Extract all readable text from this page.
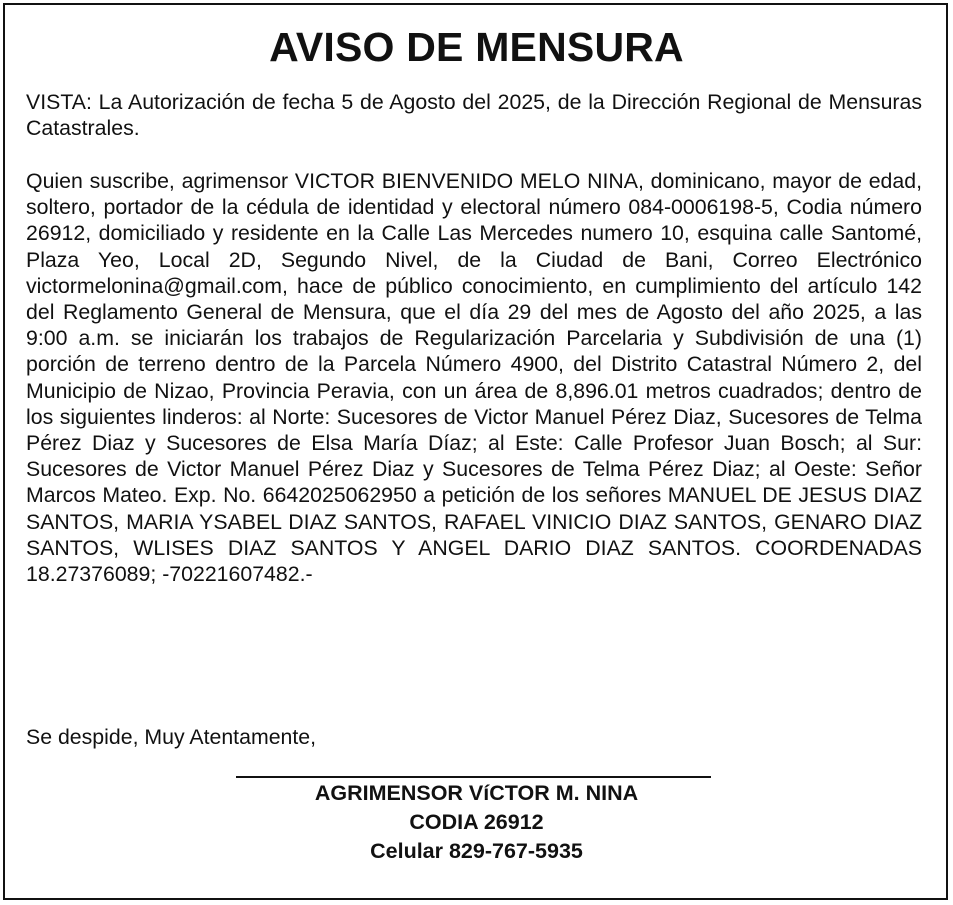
AVISO DE MENSURA

VISTA: La Autorización de fecha 5 de Agosto del 2025, de la Dirección Regional de Mensuras Catastrales.

Quien suscribe, agrimensor VICTOR BIENVENIDO MELO NINA, dominicano, mayor de edad, soltero, portador de la cédula de identidad y electoral número 084-0006198-5, Codia número 26912, domiciliado y residente en la Calle Las Mercedes numero 10, esquina calle Santomé, Plaza Yeo, Local 2D, Segundo Nivel, de la Ciudad de Bani, Correo Electrónico victormelonina@gmail.com, hace de público conocimiento, en cumplimiento del artículo 142 del Reglamento General de Mensura, que el día 29 del mes de Agosto del año 2025, a las 9:00 a.m. se iniciarán los trabajos de Regularización Parcelaria y Subdivisión de una (1) porción de terreno dentro de la Parcela Número 4900, del Distrito Catastral Número 2, del Municipio de Nizao, Provincia Peravia, con un área de 8,896.01 metros cuadrados; dentro de los siguientes linderos: al Norte: Sucesores de Victor Manuel Pérez Diaz, Sucesores de Telma Pérez Diaz y Sucesores de Elsa María Díaz; al Este: Calle Profesor Juan Bosch; al Sur: Sucesores de Victor Manuel Pérez Diaz y Sucesores de Telma Pérez Diaz; al Oeste: Señor Marcos Mateo. Exp. No. 6642025062950 a petición de los señores MANUEL DE JESUS DIAZ SANTOS, MARIA YSABEL DIAZ SANTOS, RAFAEL VINICIO DIAZ SANTOS, GENARO DIAZ SANTOS, WLISES DIAZ SANTOS Y ANGEL DARIO DIAZ SANTOS. COORDENADAS 18.27376089; -70221607482.-

Se despide, Muy Atentamente,

AGRIMENSOR VíCTOR M. NINA
CODIA 26912
Celular 829-767-5935
